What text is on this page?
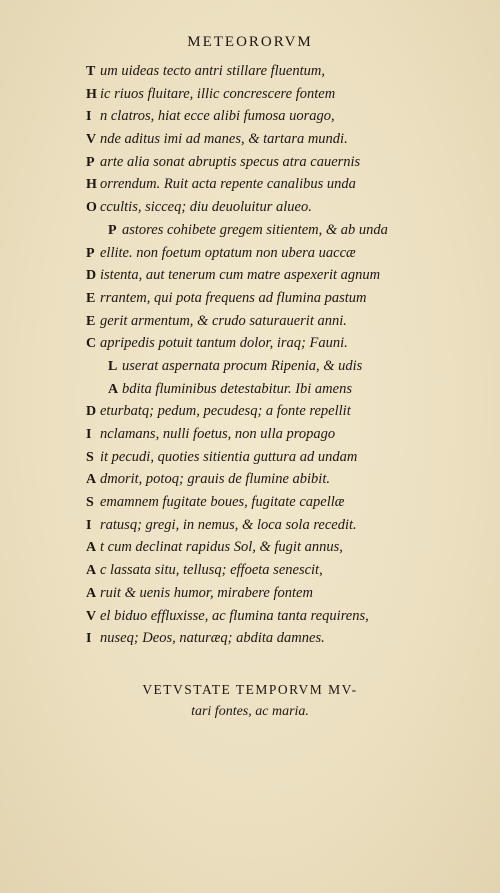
METEORORVM
T um uideas tecto antri stillare fluentum,
H ic riuos fluitare, illic concrescere fontem
I n clatros, hiat ecce alibi fumosa uorago,
V nde aditus imi ad manes, & tartara mundi.
P arte alia sonat abruptis specus atra cauernis
H orrendum. Ruit acta repente canalibus unda
O ccultis, sicceq; diu deuoluitur alueo.
P astores cohibete gregem sitientem, & ab unda
P ellite. non foetum optatum non ubera uaccæ
D istenta, aut tenerum cum matre aspexerit agnum
E rrantem, qui pota frequens ad flumina pastum
E gerit armentum, & crudo saturauerit anni.
C apripedis potuit tantum dolor, iraq; Fauni.
L userat aspernata procum Ripenia, & udis
A bdita fluminibus detestabitur. Ibi amens
D eturbatq; pedum, pecudesq; a fonte repellit
I nclamans, nulli foetus, non ulla propago
S it pecudi, quoties sitientia guttura ad undam
A dmorit, potoq; grauis de flumine abibit.
S emamnem fugitate boues, fugitate capellæ
I ratusq; gregi, in nemus, & loca sola recedit.
A t cum declinat rapidus Sol, & fugit annus,
A c lassata situ, tellusq; effoeta senescit,
A ruit & uenis humor, mirabere fontem
V el biduo effluxisse, ac flumina tanta requirens,
I nuseq; Deos, naturæq; abdita damnes.
VETVSTATE TEMPORVM MV-
tari fontes, ac maria.
